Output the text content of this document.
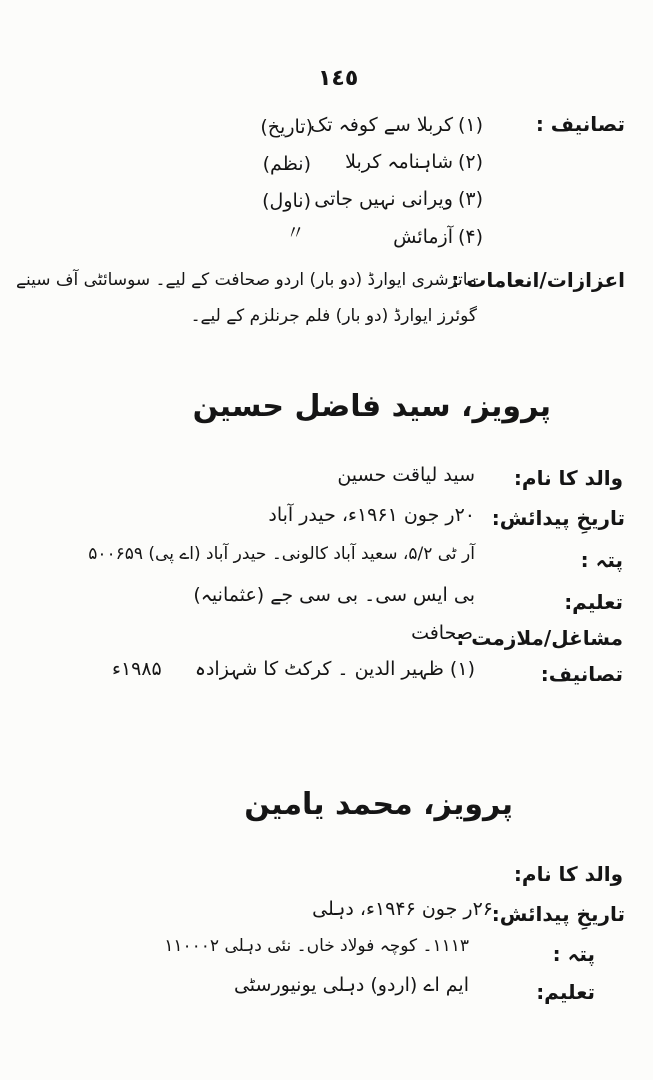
١٤٥
تصانیف :
(۱)
کربلا سے کوفہ تک
(تاریخ)
(۲)
شاہنامہ کربلا
(نظم)
(۳)
ویرانی نہیں جاتی
(ناول)
(۴)
آزمائش
〃
اعزازات/انعامات :
ماترشری ایوارڈ (دو بار) اردو صحافت کے لیے۔ سوسائٹی آف سینے
گوئرز ایوارڈ (دو بار) فلم جرنلزم کے لیے۔
پرویز، سید فاضل حسین
والد کا نام:
سید لیاقت حسین
تاریخِ پیدائش:
۲۰ر جون ۱۹۶۱ء، حیدر آباد
پتہ :
آر ٹی ۵/۲، سعید آباد کالونی۔ حیدر آباد (اے پی) ۵۰۰۶۵۹
تعلیم:
بی ایس سی۔ بی سی جے (عثمانیہ)
مشاغل/ملازمت :
صحافت
تصانیف:
(۱) ظہیر الدین ۔ کرکٹ کا شہزادہ
۱۹۸۵ء
پرویز، محمد یامین
والد کا نام:
تاریخِ پیدائش:
۲۶ر جون ۱۹۴۶ء، دہلی
پتہ :
۱۱۱۳۔ کوچہ فولاد خاں۔ نئی دہلی ۱۱۰۰۰۲
تعلیم:
ایم اے (اردو) دہلی یونیورسٹی
